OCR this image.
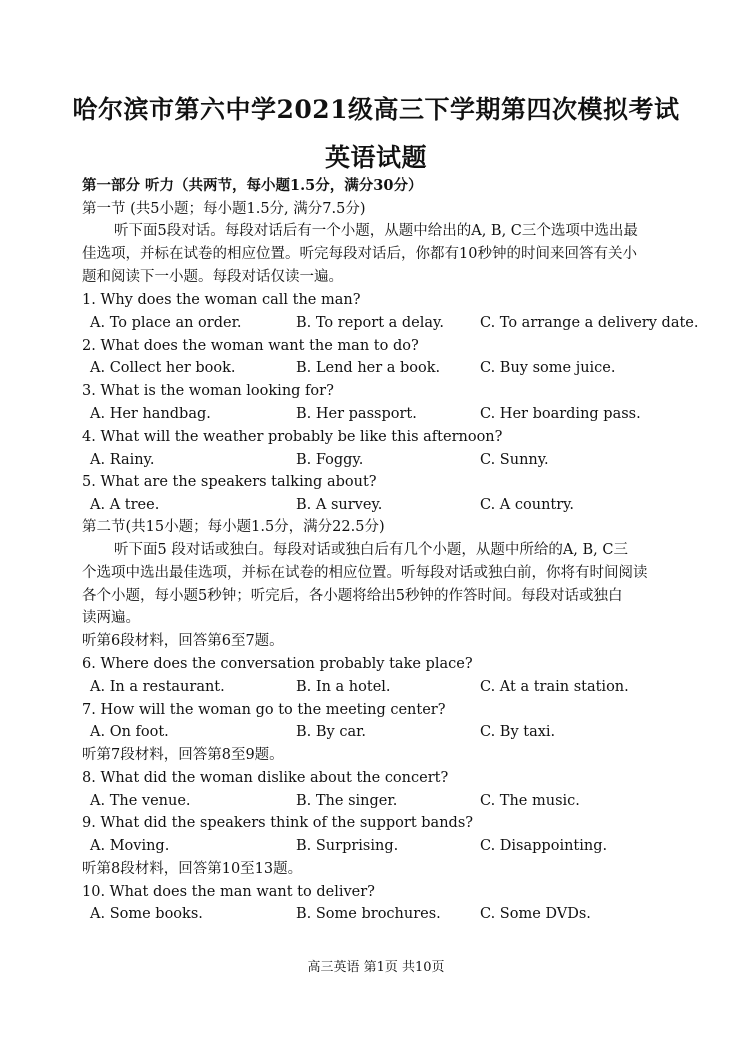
哈尔滨市第六中学2021级高三下学期第四次模拟考试
英语试题
第一部分 听力（共两节，每小题1.5分，满分30分）
第一节 (共5小题；每小题1.5分, 满分7.5分)
听下面5段对话。每段对话后有一个小题，从题中给出的A, B, C三个选项中选出最
佳选项，并标在试卷的相应位置。听完每段对话后，你都有10秒钟的时间来回答有关小
题和阅读下一小题。每段对话仅读一遍。
1. Why does the woman call the man?
A. To place an order.	B. To report a delay. C. To arrange a delivery date.
2. What does the woman want the man to do?
A. Collect her book.	B. Lend her a book.	C. Buy some juice.
3. What is the woman looking for?
A. Her handbag.	B. Her passport.	C. Her boarding pass.
4. What will the weather probably be like this afternoon?
A. Rainy.	B. Foggy.	C. Sunny.
5. What are the speakers talking about?
A. A tree.	B. A survey.	C. A country.
第二节(共15小题；每小题1.5分，满分22.5分)
听下面5 段对话或独白。每段对话或独白后有几个小题，从题中所给的A, B, C三
个选项中选出最佳选项，并标在试卷的相应位置。听每段对话或独白前，你将有时间阅读
各个小题，每小题5秒钟；听完后，各小题将给出5秒钟的作答时间。每段对话或独白
读两遍。
听第6段材料，回答第6至7题。
6. Where does the conversation probably take place?
A. In a restaurant.	B. In a hotel.	C. At a train station.
7. How will the woman go to the meeting center?
A. On foot.	B. By car.	C. By taxi.
听第7段材料，回答第8至9题。
8. What did the woman dislike about the concert?
A. The venue.	B. The singer.	C. The music.
9. What did the speakers think of the support bands?
A. Moving.	B. Surprising.	C. Disappointing.
听第8段材料，回答第10至13题。
10. What does the man want to deliver?
A. Some books.	B. Some brochures.	C. Some DVDs.
高三英语 第1页 共10页
